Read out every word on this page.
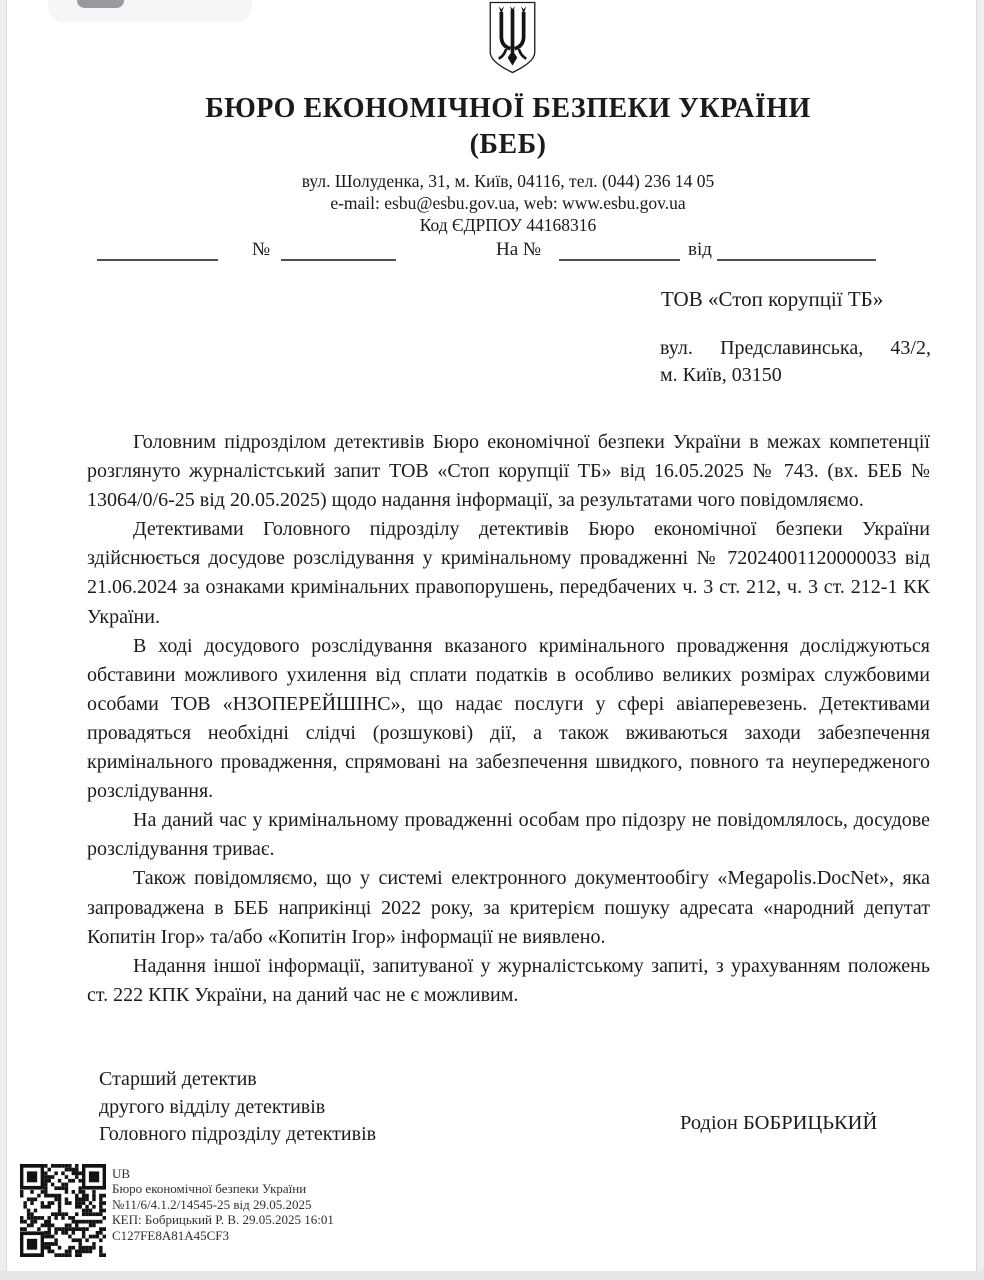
БЮРО ЕКОНОМІЧНОЇ БЕЗПЕКИ УКРАЇНИ
(БЕБ)
вул. Шолуденка, 31, м. Київ, 04116, тел. (044) 236 14 05
e-mail: esbu@esbu.gov.ua, web: www.esbu.gov.ua
Код ЄДРПОУ 44168316
№	На №	від
ТОВ «Стоп корупції ТБ»
вул. Предславинська, 43/2,
м. Київ, 03150

Головним підрозділом детективів Бюро економічної безпеки України в межах компетенції розглянуто журналістський запит ТОВ «Стоп корупції ТБ» від 16.05.2025 № 743. (вх. БЕБ № 13064/0/6-25 від 20.05.2025) щодо надання інформації, за результатами чого повідомляємо.

Детективами Головного підрозділу детективів Бюро економічної безпеки України здійснюється досудове розслідування у кримінальному провадженні № 72024001120000033 від 21.06.2024 за ознаками кримінальних правопорушень, передбачених ч. 3 ст. 212, ч. 3 ст. 212-1 КК України.

В ході досудового розслідування вказаного кримінального провадження досліджуються обставини можливого ухилення від сплати податків в особливо великих розмірах службовими особами ТОВ «НЗОПЕРЕЙШІНС», що надає послуги у сфері авіаперевезень. Детективами провадяться необхідні слідчі (розшукові) дії, а також вживаються заходи забезпечення кримінального провадження, спрямовані на забезпечення швидкого, повного та неупередженого розслідування.

На даний час у кримінальному провадженні особам про підозру не повідомлялось, досудове розслідування триває.

Також повідомляємо, що у системі електронного документообігу «Megapolis.DocNet», яка запроваджена в БЕБ наприкінці 2022 року, за критерієм пошуку адресата «народний депутат Копитін Ігор» та/або «Копитін Ігор» інформації не виявлено.

Надання іншої інформації, запитуваної у журналістському запиті, з урахуванням положень ст. 222 КПК України, на даний час не є можливим.

Старший детектив
другого відділу детективів
Головного підрозділу детективів
Родіон БОБРИЦЬКИЙ
UB
Бюро економічної безпеки України
№11/6/4.1.2/14545-25 від 29.05.2025
КЕП: Бобрицький Р. В. 29.05.2025 16:01
C127FE8A81A45CF3
